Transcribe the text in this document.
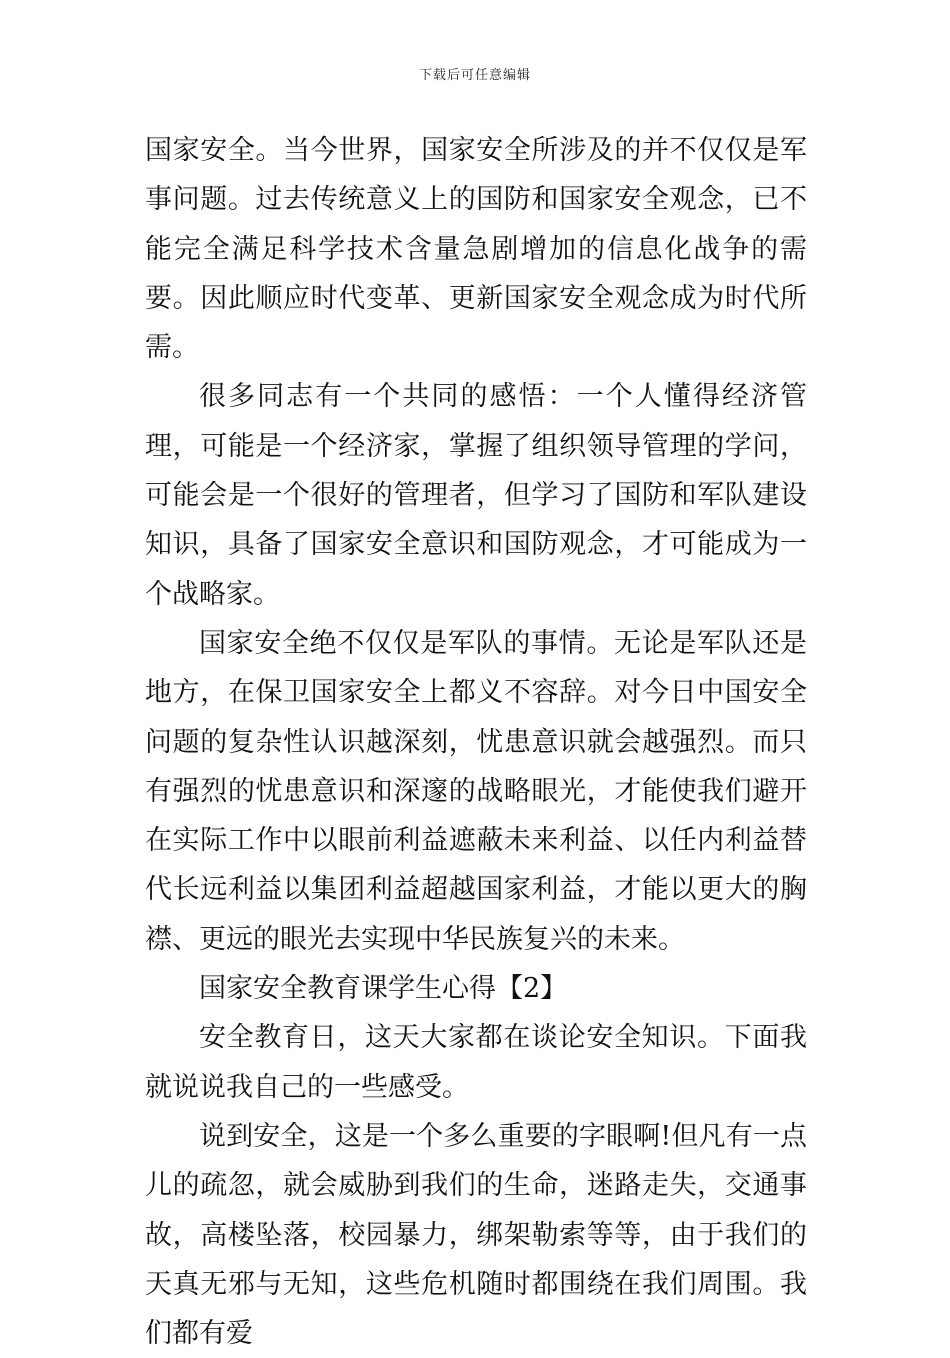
下载后可任意编辑

国家安全。当今世界，国家安全所涉及的并不仅仅是军事问题。过去传统意义上的国防和国家安全观念，已不能完全满足科学技术含量急剧增加的信息化战争的需要。因此顺应时代变革、更新国家安全观念成为时代所需。

很多同志有一个共同的感悟：一个人懂得经济管理，可能是一个经济家，掌握了组织领导管理的学问，可能会是一个很好的管理者，但学习了国防和军队建设知识，具备了国家安全意识和国防观念，才可能成为一个战略家。

国家安全绝不仅仅是军队的事情。无论是军队还是地方，在保卫国家安全上都义不容辞。对今日中国安全问题的复杂性认识越深刻，忧患意识就会越强烈。而只有强烈的忧患意识和深邃的战略眼光，才能使我们避开在实际工作中以眼前利益遮蔽未来利益、以任内利益替代长远利益以集团利益超越国家利益，才能以更大的胸襟、更远的眼光去实现中华民族复兴的未来。

国家安全教育课学生心得【2】

安全教育日，这天大家都在谈论安全知识。下面我就说说我自己的一些感受。

说到安全，这是一个多么重要的字眼啊!但凡有一点儿的疏忽，就会威胁到我们的生命，迷路走失，交通事故，高楼坠落，校园暴力，绑架勒索等等，由于我们的天真无邪与无知，这些危机随时都围绕在我们周围。我们都有爱
